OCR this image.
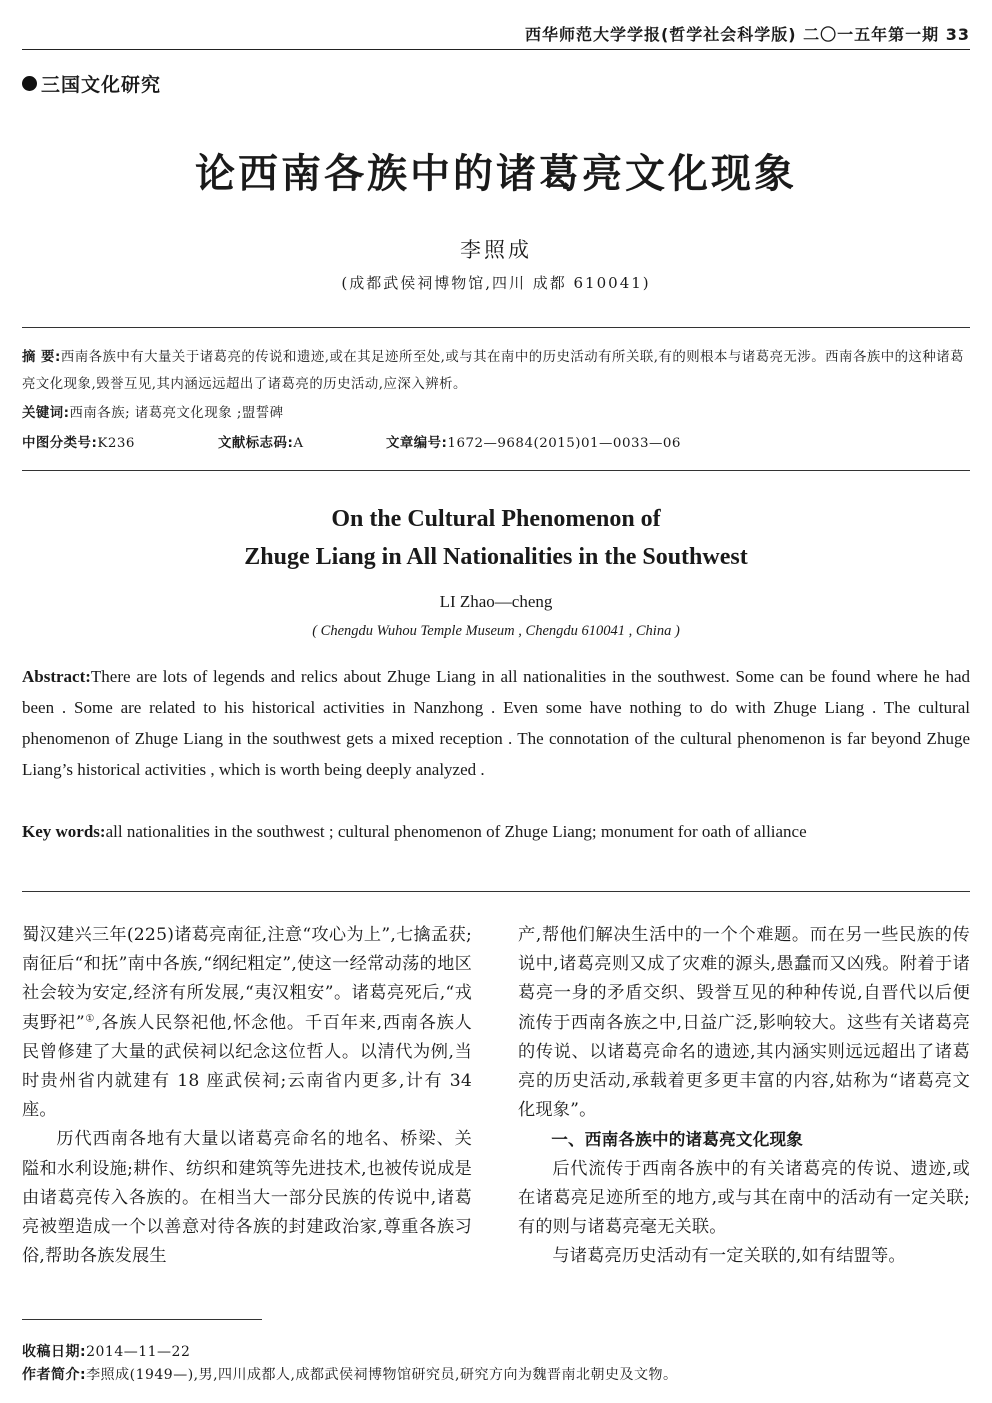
西华师范大学学报(哲学社会科学版) 二〇一五年第一期 33
三国文化研究
论西南各族中的诸葛亮文化现象
李照成
(成都武侯祠博物馆,四川 成都 610041)
摘 要:西南各族中有大量关于诸葛亮的传说和遗迹,或在其足迹所至处,或与其在南中的历史活动有所关联,有的则根本与诸葛亮无涉。西南各族中的这种诸葛亮文化现象,毁誉互见,其内涵远远超出了诸葛亮的历史活动,应深入辨析。
关键词:西南各族; 诸葛亮文化现象 ;盟誓碑
中图分类号:K236	文献标志码:A	文章编号:1672—9684(2015)01—0033—06
On the Cultural Phenomenon of
Zhuge Liang in All Nationalities in the Southwest
LI Zhao—cheng
( Chengdu Wuhou Temple Museum , Chengdu 610041 , China )
Abstract:There are lots of legends and relics about Zhuge Liang in all nationalities in the southwest. Some can be found where he had been . Some are related to his historical activities in Nanzhong . Even some have nothing to do with Zhuge Liang . The cultural phenomenon of Zhuge Liang in the southwest gets a mixed reception . The connotation of the cultural phenomenon is far beyond Zhuge Liang’s historical activities , which is worth being deeply analyzed .
Key words:all nationalities in the southwest ; cultural phenomenon of Zhuge Liang; monument for oath of alliance

蜀汉建兴三年(225)诸葛亮南征,注意“攻心为上”,七擒孟获;南征后“和抚”南中各族,“纲纪粗定”,使这一经常动荡的地区社会较为安定,经济有所发展,“夷汉粗安”。诸葛亮死后,“戎夷野祀”①,各族人民祭祀他,怀念他。千百年来,西南各族人民曾修建了大量的武侯祠以纪念这位哲人。以清代为例,当时贵州省内就建有 18 座武侯祠;云南省内更多,计有 34 座。

历代西南各地有大量以诸葛亮命名的地名、桥梁、关隘和水利设施;耕作、纺织和建筑等先进技术,也被传说成是由诸葛亮传入各族的。在相当大一部分民族的传说中,诸葛亮被塑造成一个以善意对待各族的封建政治家,尊重各族习俗,帮助各族发展生

产,帮他们解决生活中的一个个难题。而在另一些民族的传说中,诸葛亮则又成了灾难的源头,愚蠢而又凶残。附着于诸葛亮一身的矛盾交织、毁誉互见的种种传说,自晋代以后便流传于西南各族之中,日益广泛,影响较大。这些有关诸葛亮的传说、以诸葛亮命名的遗迹,其内涵实则远远超出了诸葛亮的历史活动,承载着更多更丰富的内容,姑称为“诸葛亮文化现象”。

一、西南各族中的诸葛亮文化现象

后代流传于西南各族中的有关诸葛亮的传说、遗迹,或在诸葛亮足迹所至的地方,或与其在南中的活动有一定关联;有的则与诸葛亮毫无关联。

与诸葛亮历史活动有一定关联的,如有结盟等。

收稿日期:2014—11—22
作者简介:李照成(1949—),男,四川成都人,成都武侯祠博物馆研究员,研究方向为魏晋南北朝史及文物。
